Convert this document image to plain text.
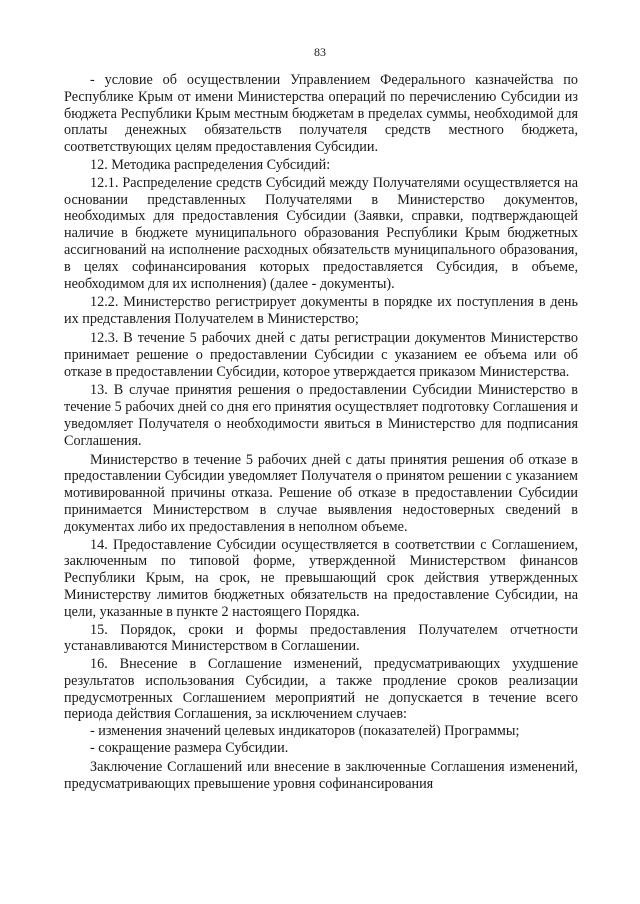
83

- условие об осуществлении Управлением Федерального казначейства по Республике Крым от имени Министерства операций по перечислению Субсидии из бюджета Республики Крым местным бюджетам в пределах суммы, необходимой для оплаты денежных обязательств получателя средств местного бюджета, соответствующих целям предоставления Субсидии.

12. Методика распределения Субсидий:

12.1. Распределение средств Субсидий между Получателями осуществляется на основании представленных Получателями в Министерство документов, необходимых для предоставления Субсидии (Заявки, справки, подтверждающей наличие в бюджете муниципального образования Республики Крым бюджетных ассигнований на исполнение расходных обязательств муниципального образования, в целях софинансирования которых предоставляется Субсидия, в объеме, необходимом для их исполнения) (далее - документы).

12.2. Министерство регистрирует документы в порядке их поступления в день их представления Получателем в Министерство;

12.3. В течение 5 рабочих дней с даты регистрации документов Министерство принимает решение о предоставлении Субсидии с указанием ее объема или об отказе в предоставлении Субсидии, которое утверждается приказом Министерства.

13. В случае принятия решения о предоставлении Субсидии Министерство в течение 5 рабочих дней со дня его принятия осуществляет подготовку Соглашения и уведомляет Получателя о необходимости явиться в Министерство для подписания Соглашения.

Министерство в течение 5 рабочих дней с даты принятия решения об отказе в предоставлении Субсидии уведомляет Получателя о принятом решении с указанием мотивированной причины отказа. Решение об отказе в предоставлении Субсидии принимается Министерством в случае выявления недостоверных сведений в документах либо их предоставления в неполном объеме.

14. Предоставление Субсидии осуществляется в соответствии с Соглашением, заключенным по типовой форме, утвержденной Министерством финансов Республики Крым, на срок, не превышающий срок действия утвержденных Министерству лимитов бюджетных обязательств на предоставление Субсидии, на цели, указанные в пункте 2 настоящего Порядка.

15. Порядок, сроки и формы предоставления Получателем отчетности устанавливаются Министерством в Соглашении.

16. Внесение в Соглашение изменений, предусматривающих ухудшение результатов использования Субсидии, а также продление сроков реализации предусмотренных Соглашением мероприятий не допускается в течение всего периода действия Соглашения, за исключением случаев:

- изменения значений целевых индикаторов (показателей) Программы;

- сокращение размера Субсидии.

Заключение Соглашений или внесение в заключенные Соглашения изменений, предусматривающих превышение уровня софинансирования
